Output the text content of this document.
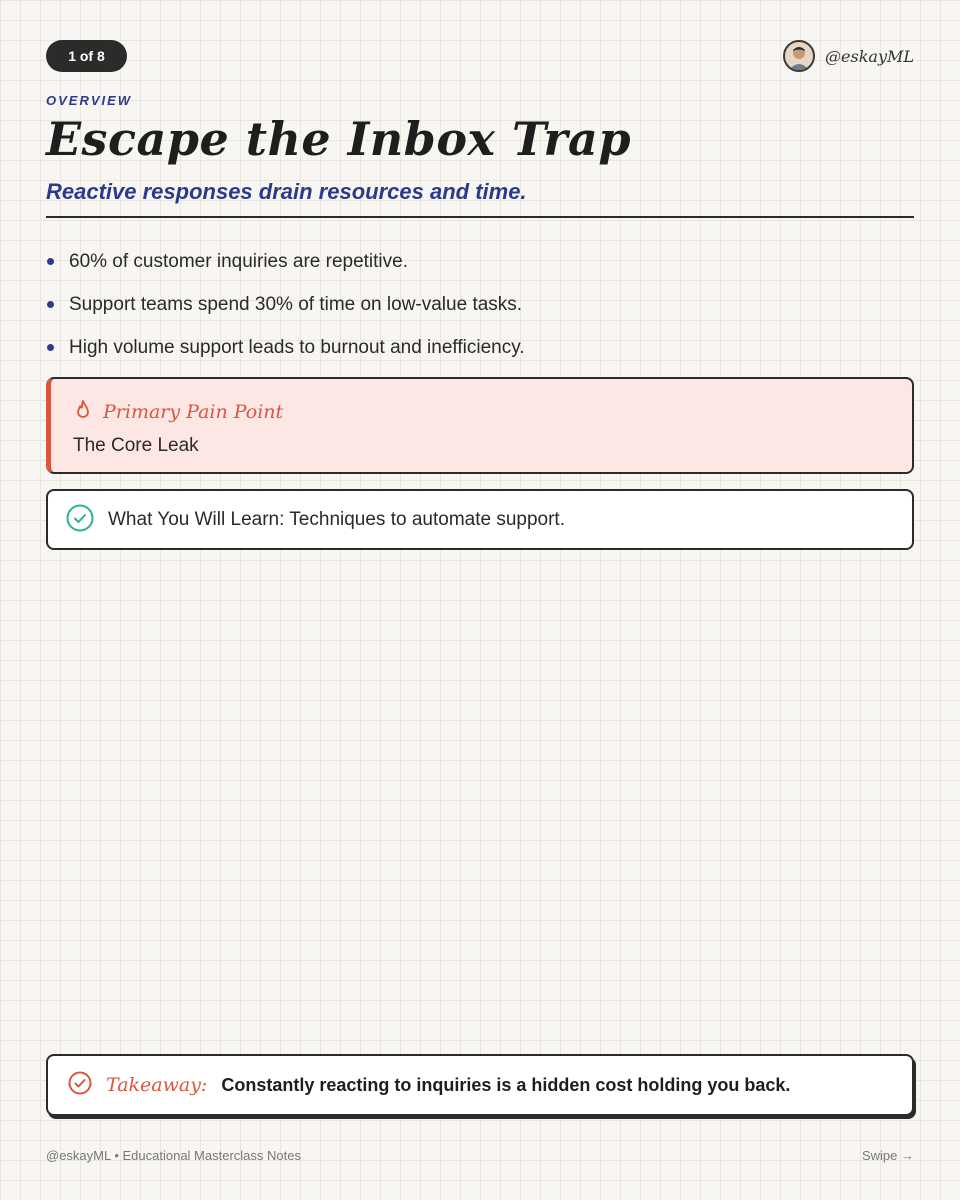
1 of 8	@eskayML
OVERVIEW
Escape the Inbox Trap
Reactive responses drain resources and time.
60% of customer inquiries are repetitive.
Support teams spend 30% of time on low-value tasks.
High volume support leads to burnout and inefficiency.
Primary Pain Point
The Core Leak
What You Will Learn: Techniques to automate support.
Takeaway: Constantly reacting to inquiries is a hidden cost holding you back.
@eskayML • Educational Masterclass Notes	Swipe →
